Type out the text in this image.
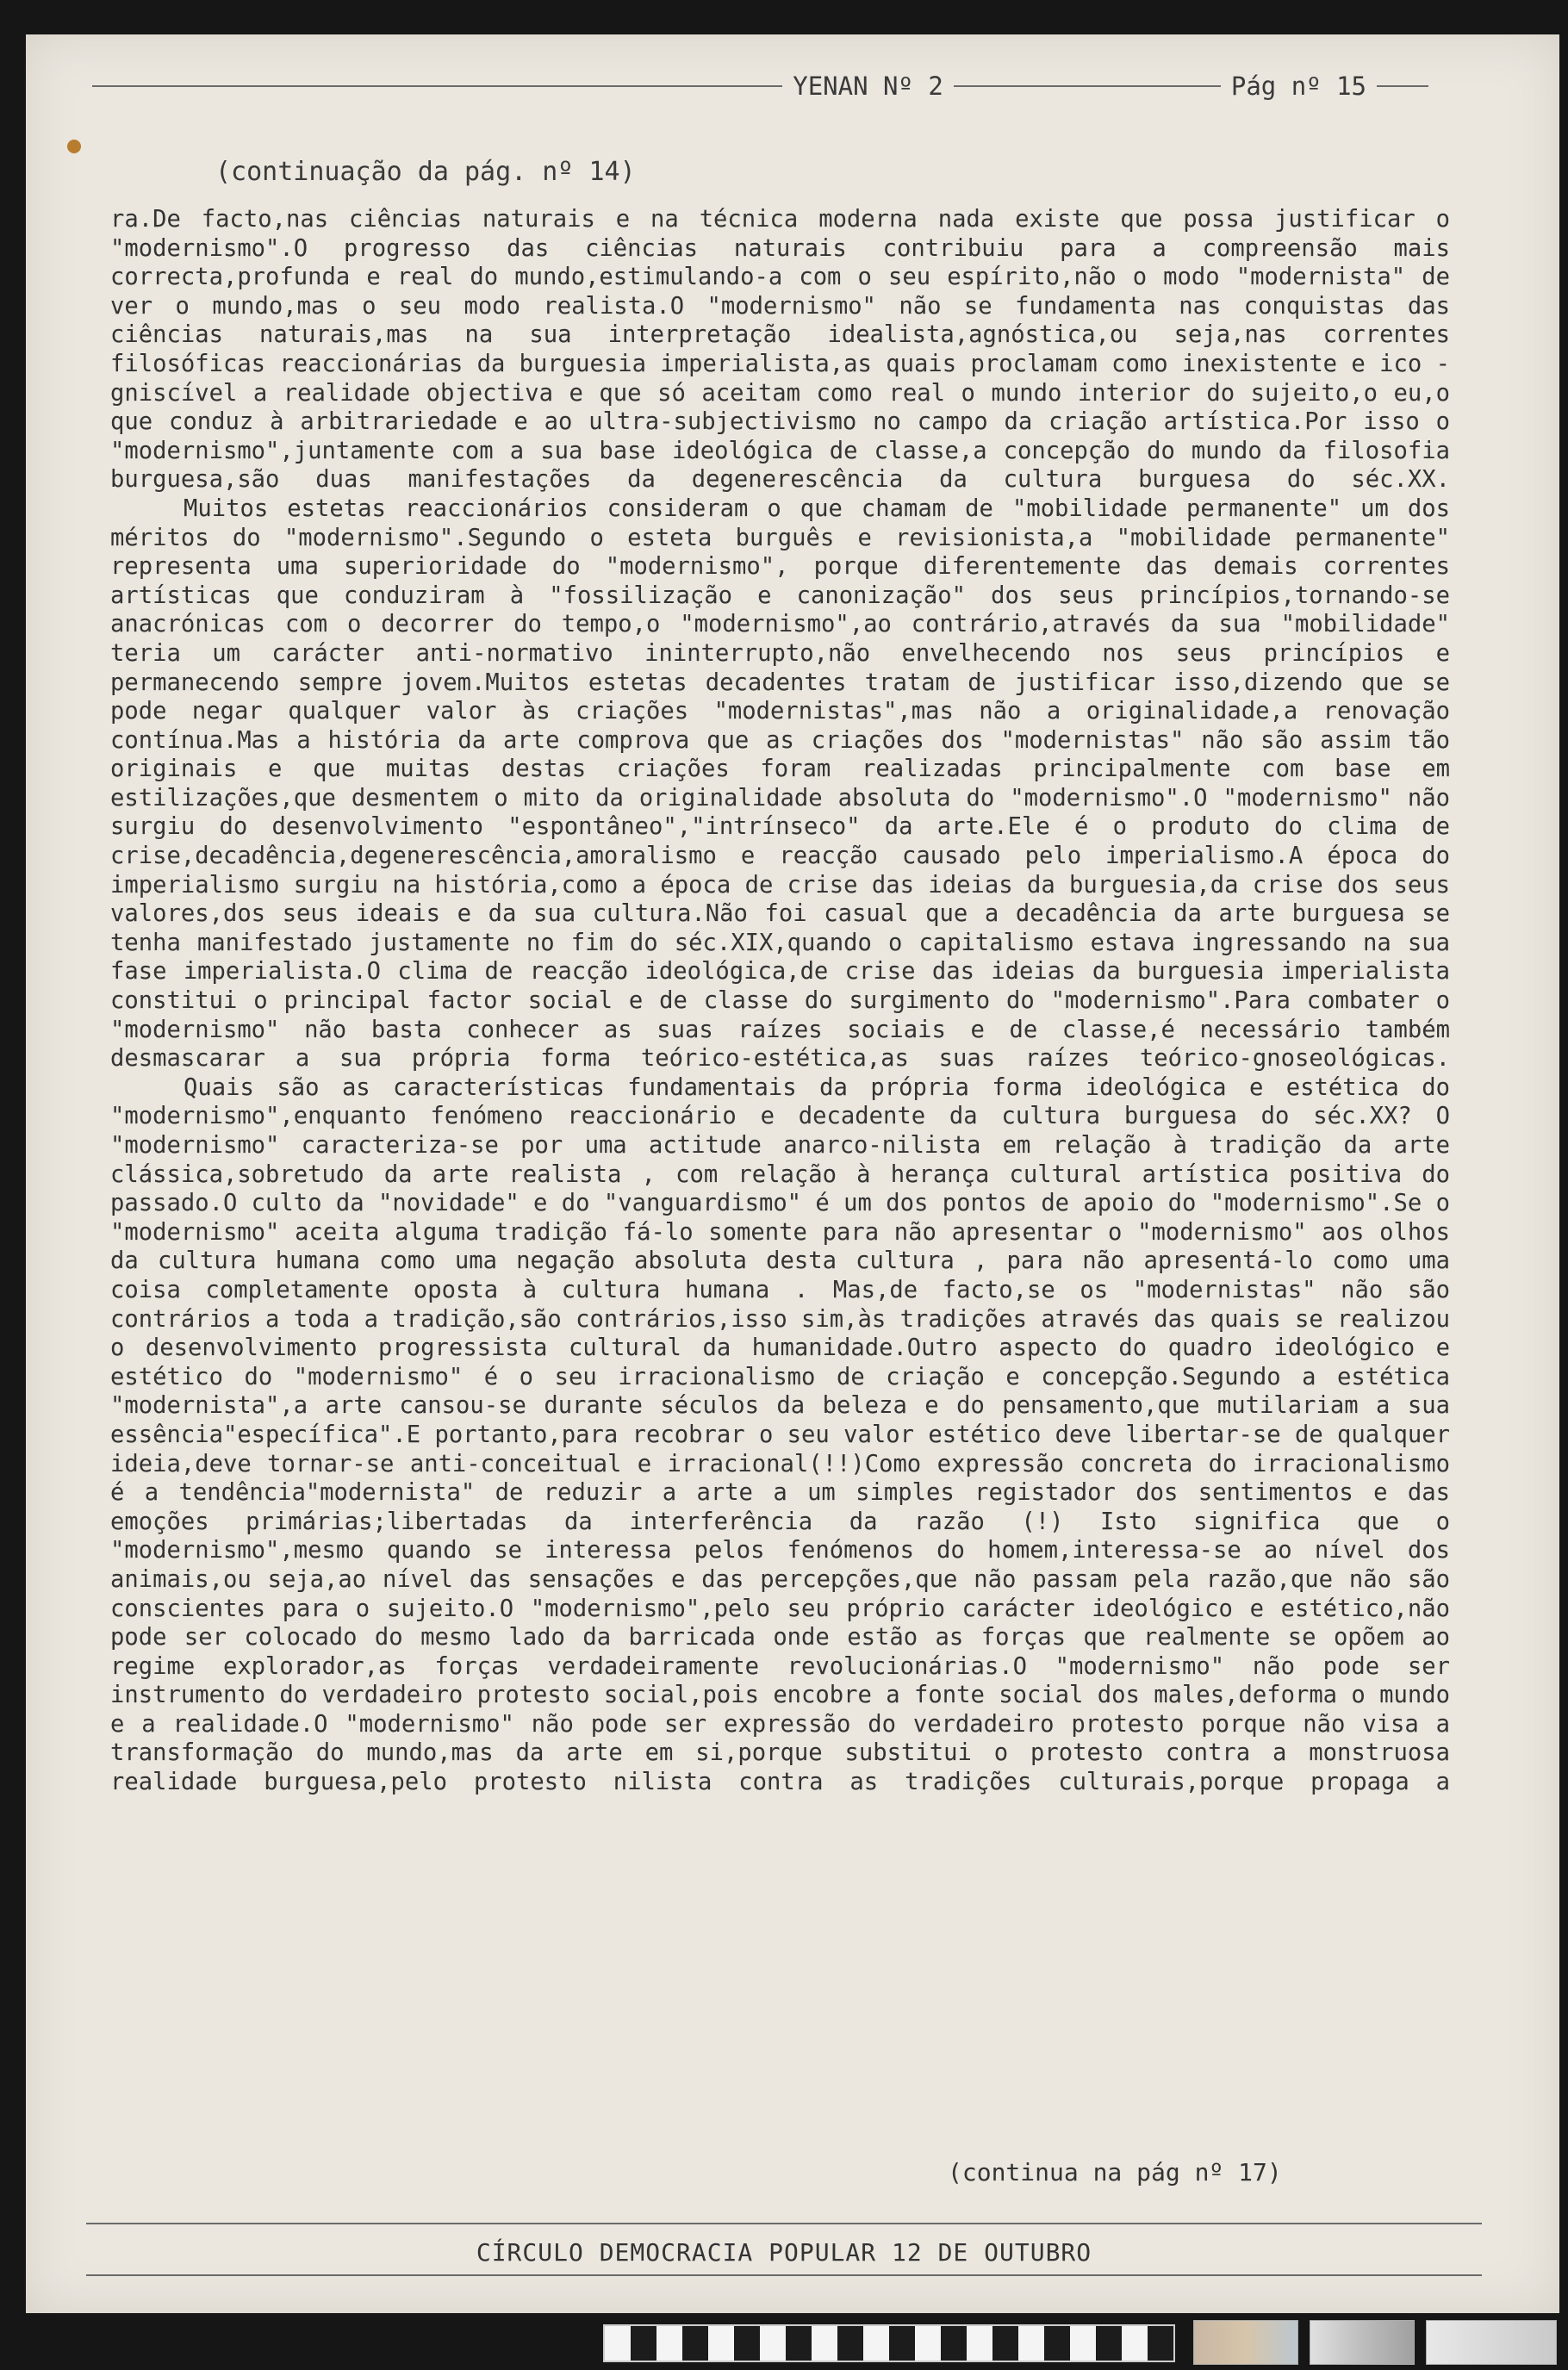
YENAN Nº 2	Pág nº 15
(continuação da pág. nº 14)

ra.De facto,nas ciências naturais e na técnica moderna nada existe que possa justificar o "modernismo".O progresso das ciências naturais contribuiu para a compreensão mais correcta,profunda e real do mundo,estimulando-a com o seu espírito,não o modo "modernista" de ver o mundo,mas o seu modo realista.O "modernismo" não se fundamenta nas conquistas das ciências naturais,mas na sua interpretação idealista,agnóstica,ou seja,nas correntes filosóficas reaccionárias da burguesia imperialista,as quais proclamam como inexistente e ico - gniscível a realidade objectiva e que só aceitam como real o mundo interior do sujeito,o eu,o que conduz à arbitrariedade e ao ultra-subjectivismo no campo da criação artística.Por isso o "modernismo",juntamente com a sua base ideológica de classe,a concepção do mundo da filosofia burguesa,são duas manifestações da degenerescência da cultura burguesa do séc.XX.

Muitos estetas reaccionários consideram o que chamam de "mobilidade permanente" um dos méritos do "modernismo".Segundo o esteta burguês e revisionista,a "mobilidade permanente" representa uma superioridade do "modernismo", porque diferentemente das demais correntes artísticas que conduziram à "fossilização e canonização" dos seus princípios,tornando-se anacrónicas com o decorrer do tempo,o "modernismo",ao contrário,através da sua "mobilidade" teria um carácter anti-normativo ininterrupto,não envelhecendo nos seus princípios e permanecendo sempre jovem.Muitos estetas decadentes tratam de justificar isso,dizendo que se pode negar qualquer valor às criações "modernistas",mas não a originalidade,a renovação contínua.Mas a história da arte comprova que as criações dos "modernistas" não são assim tão originais e que muitas destas criações foram realizadas principalmente com base em estilizações,que desmentem o mito da originalidade absoluta do "modernismo".O "modernismo" não surgiu do desenvolvimento "espontâneo","intrínseco" da arte.Ele é o produto do clima de crise,decadência,degenerescência,amoralismo e reacção causado pelo imperialismo.A época do imperialismo surgiu na história,como a época de crise das ideias da burguesia,da crise dos seus valores,dos seus ideais e da sua cultura.Não foi casual que a decadência da arte burguesa se tenha manifestado justamente no fim do séc.XIX,quando o capitalismo estava ingressando na sua fase imperialista.O clima de reacção ideológica,de crise das ideias da burguesia imperialista constitui o principal factor social e de classe do surgimento do "modernismo".Para combater o "modernismo" não basta conhecer as suas raízes sociais e de classe,é necessário também desmascarar a sua própria forma teórico-estética,as suas raízes teórico-gnoseológicas.

Quais são as características fundamentais da própria forma ideológica e estética do "modernismo",enquanto fenómeno reaccionário e decadente da cultura burguesa do séc.XX? O "modernismo" caracteriza-se por uma actitude anarco-nilista em relação à tradição da arte clássica,sobretudo da arte realista , com relação à herança cultural artística positiva do passado.O culto da "novidade" e do "vanguardismo" é um dos pontos de apoio do "modernismo".Se o "modernismo" aceita alguma tradição fá-lo somente para não apresentar o "modernismo" aos olhos da cultura humana como uma negação absoluta desta cultura , para não apresentá-lo como uma coisa completamente oposta à cultura humana . Mas,de facto,se os "modernistas" não são contrários a toda a tradição,são contrários,isso sim,às tradições através das quais se realizou o desenvolvimento progressista cultural da humanidade.Outro aspecto do quadro ideológico e estético do "modernismo" é o seu irracionalismo de criação e concepção.Segundo a estética "modernista",a arte cansou-se durante séculos da beleza e do pensamento,que mutilariam a sua essência"específica".E portanto,para recobrar o seu valor estético deve libertar-se de qualquer ideia,deve tornar-se anti-conceitual e irracional(!!)Como expressão concreta do irracionalismo é a tendência"modernista" de reduzir a arte a um simples registador dos sentimentos e das emoções primárias;libertadas da interferência da razão (!) Isto significa que o "modernismo",mesmo quando se interessa pelos fenómenos do homem,interessa-se ao nível dos animais,ou seja,ao nível das sensações e das percepções,que não passam pela razão,que não são conscientes para o sujeito.O "modernismo",pelo seu próprio carácter ideológico e estético,não pode ser colocado do mesmo lado da barricada onde estão as forças que realmente se opõem ao regime explorador,as forças verdadeiramente revolucionárias.O "modernismo" não pode ser instrumento do verdadeiro protesto social,pois encobre a fonte social dos males,deforma o mundo e a realidade.O "modernismo" não pode ser expressão do verdadeiro protesto porque não visa a transformação do mundo,mas da arte em si,porque substitui o protesto contra a monstruosa realidade burguesa,pelo protesto nilista contra as tradições culturais,porque propaga a

(continua na pág nº 17)
CÍRCULO DEMOCRACIA POPULAR 12 DE OUTUBRO
